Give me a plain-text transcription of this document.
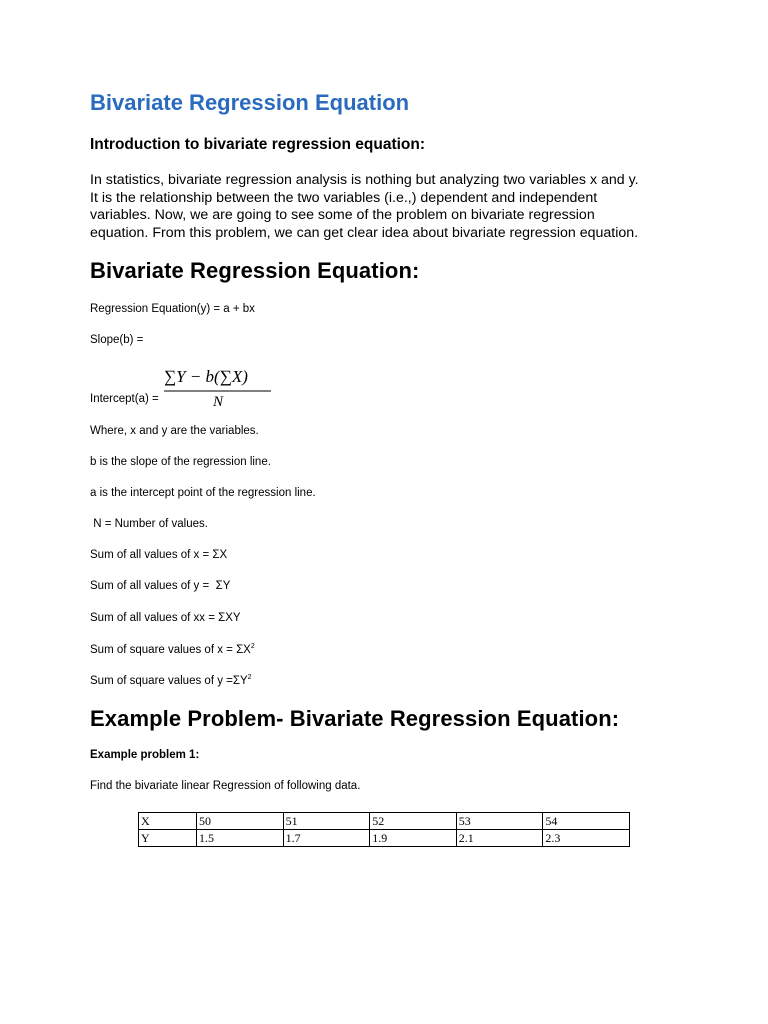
Bivariate Regression Equation
Introduction to bivariate regression equation:
In statistics, bivariate regression analysis is nothing but analyzing two variables x and y.
It is the relationship between the two variables (i.e.,) dependent and independent
variables. Now, we are going to see some of the problem on bivariate regression
equation. From this problem, we can get clear idea about bivariate regression equation.
Bivariate Regression Equation:
Regression Equation(y) = a + bx
Slope(b) =
Intercept(a) =
∑Y − b(∑X)
N
Where, x and y are the variables.
b is the slope of the regression line.
a is the intercept point of the regression line.
N = Number of values.
Sum of all values of x = ΣX
Sum of all values of y =  ΣY
Sum of all values of xx = ΣXY
Sum of square values of $x = \Sigma X^2$
Sum of square values of $y =\Sigma Y^2$
Example Problem- Bivariate Regression Equation:
Example problem 1:
Find the bivariate linear Regression of following data.
X	50	51	52	53	54
Y	1.5	1.7	1.9	2.1	2.3
